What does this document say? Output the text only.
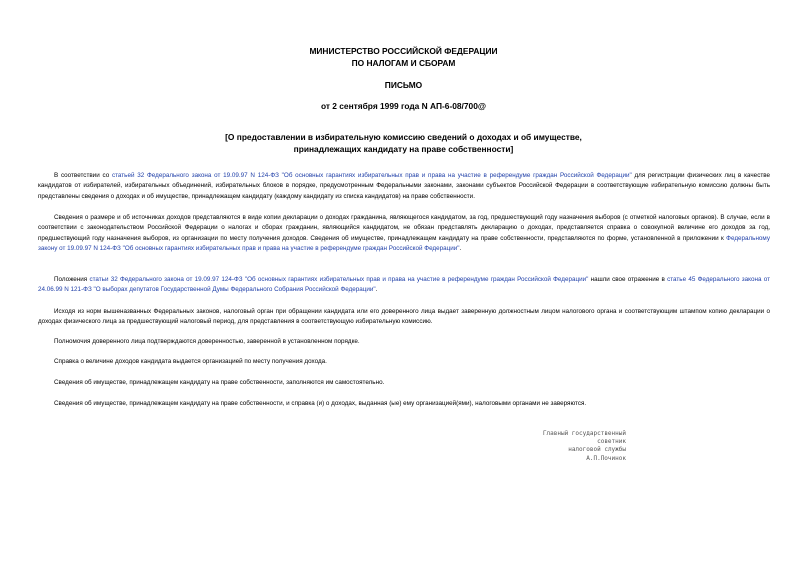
МИНИСТЕРСТВО РОССИЙСКОЙ ФЕДЕРАЦИИ
ПО НАЛОГАМ И СБОРАМ
ПИСЬМО
от 2 сентября 1999 года N АП-6-08/700@
[О предоставлении в избирательную комиссию сведений о доходах и об имуществе,
принадлежащих кандидату на праве собственности]

В соответствии со статьей 32 Федерального закона от 19.09.97 N 124-ФЗ "Об основных гарантиях избирательных прав и права на участие в референдуме граждан Российской Федерации" для регистрации физических лиц в качестве кандидатов от избирателей, избирательных объединений, избирательных блоков в порядке, предусмотренным Федеральными законами, законами субъектов Российской Федерации в соответствующие избирательную комиссию должны быть представлены сведения о доходах и об имуществе, принадлежащем кандидату (каждому кандидату из списка кандидатов) на праве собственности.

Сведения о размере и об источниках доходов представляются в виде копии декларации о доходах гражданина, являющегося кандидатом, за год, предшествующий году назначения выборов (с отметкой налоговых органов). В случае, если в соответствии с законодательством Российской Федерации о налогах и сборах гражданин, являющийся кандидатом, не обязан представлять декларацию о доходах, представляется справка о совокупной величине его доходов за год, предшествующий году назначения выборов, из организации по месту получения доходов. Сведения об имуществе, принадлежащем кандидату на праве собственности, представляются по форме, установленной в приложении к Федеральному закону от 19.09.97 N 124-ФЗ "Об основных гарантиях избирательных прав и права на участие в референдуме граждан Российской Федерации".

Положения статьи 32 Федерального закона от 19.09.97 124-ФЗ "Об основных гарантиях избирательных прав и права на участие в референдуме граждан Российской Федерации" нашли свое отражение в статье 45 Федерального закона от 24.06.99 N 121-ФЗ "О выборах депутатов Государственной Думы Федерального Собрания Российской Федерации".

Исходя из норм вышеназванных Федеральных законов, налоговый орган при обращении кандидата или его доверенного лица выдает заверенную должностным лицом налогового органа и соответствующим штампом копию декларации о доходах физического лица за предшествующий налоговый период, для представления в соответствующую избирательную комиссию.

Полномочия доверенного лица подтверждаются доверенностью, заверенной в установленном порядке.

Справка о величине доходов кандидата выдается организацией по месту получения дохода.

Сведения об имуществе, принадлежащем кандидату на праве собственности, заполняются им самостоятельно.

Сведения об имуществе, принадлежащем кандидату на праве собственности, и справка (и) о доходах, выданная (ые) ему организацией(ями), налоговыми органами не заверяются.

Главный государственный
советник
налоговой службы
А.П.Починок
